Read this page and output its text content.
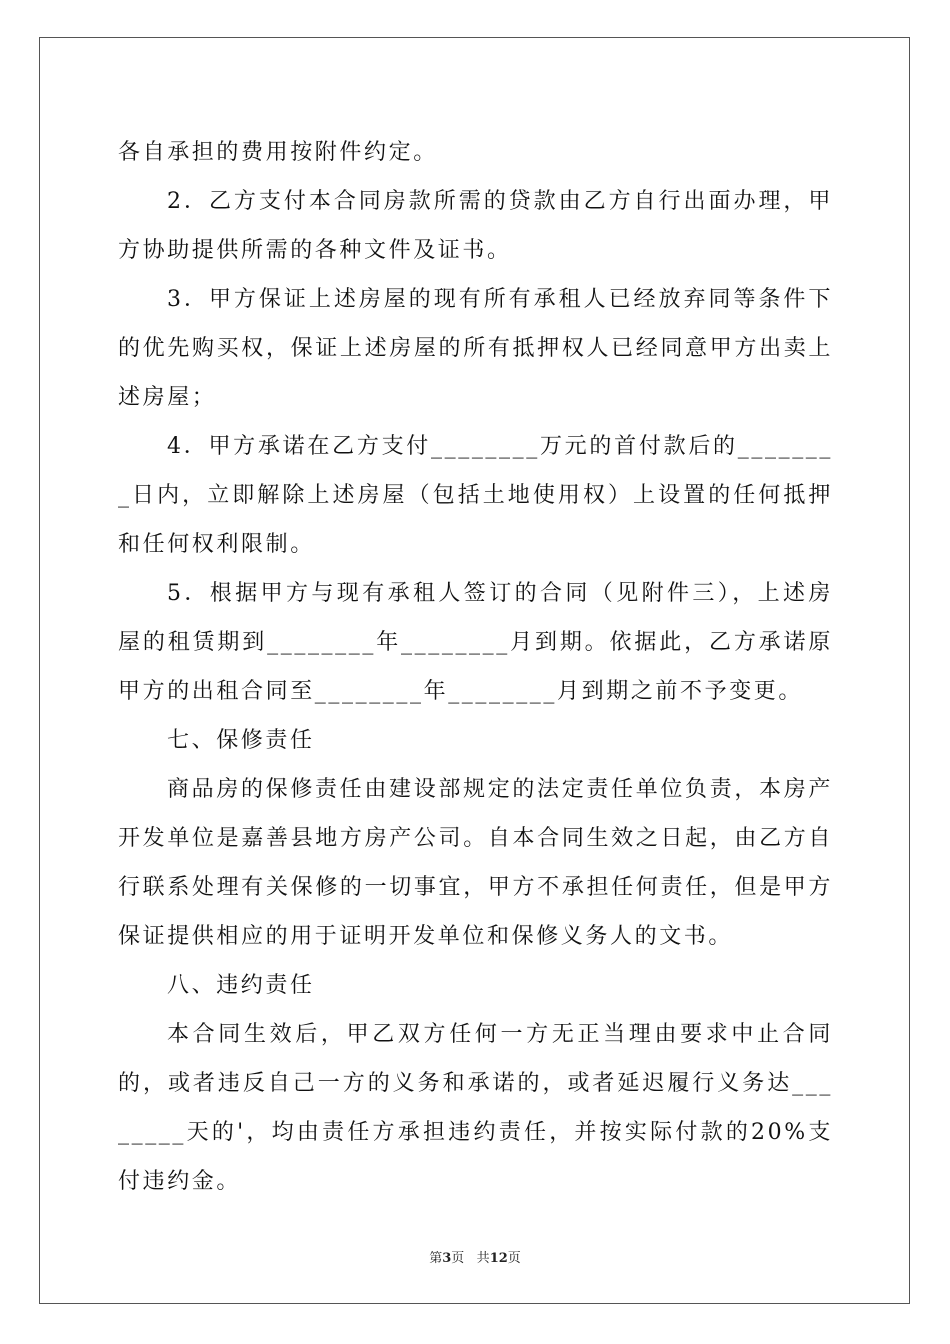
各自承担的费用按附件约定。

2．乙方支付本合同房款所需的贷款由乙方自行出面办理，甲方协助提供所需的各种文件及证书。

3．甲方保证上述房屋的现有所有承租人已经放弃同等条件下的优先购买权，保证上述房屋的所有抵押权人已经同意甲方出卖上述房屋；

4．甲方承诺在乙方支付________万元的首付款后的________日内，立即解除上述房屋（包括土地使用权）上设置的任何抵押和任何权利限制。

5．根据甲方与现有承租人签订的合同（见附件三），上述房屋的租赁期到________年________月到期。依据此，乙方承诺原甲方的出租合同至________年________月到期之前不予变更。

七、保修责任

商品房的保修责任由建设部规定的法定责任单位负责，本房产开发单位是嘉善县地方房产公司。自本合同生效之日起，由乙方自行联系处理有关保修的一切事宜，甲方不承担任何责任，但是甲方保证提供相应的用于证明开发单位和保修义务人的文书。

八、违约责任

本合同生效后，甲乙双方任何一方无正当理由要求中止合同的，或者违反自己一方的义务和承诺的，或者延迟履行义务达________天的'，均由责任方承担违约责任，并按实际付款的20%支付违约金。

第3页 共12页
